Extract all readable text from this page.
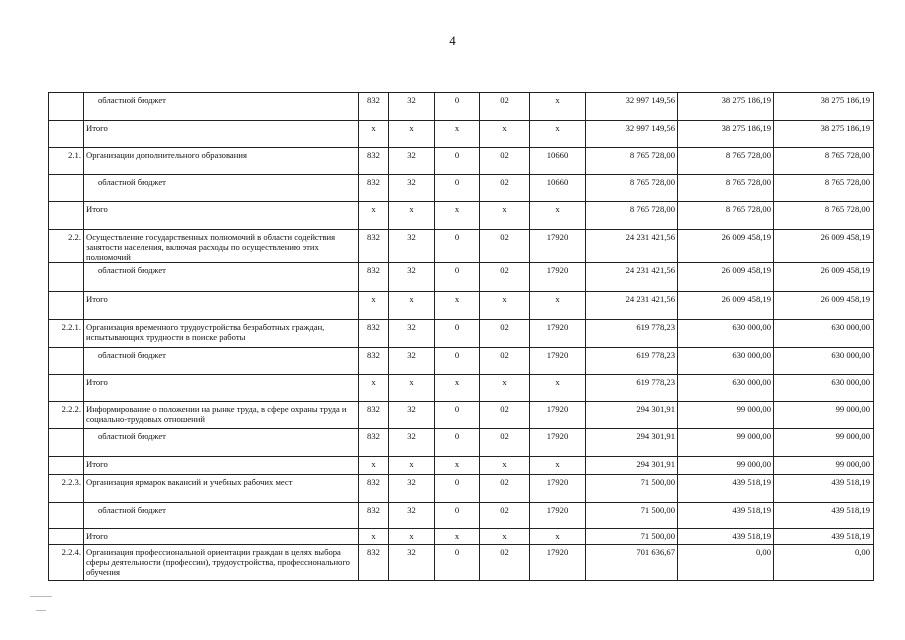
4
	областной бюджет	832	32	0	02	x	32 997 149,56	38 275 186,19	38 275 186,19
	Итого	x	x	x	x	x	32 997 149,56	38 275 186,19	38 275 186,19
2.1.	Организации дополнительного образования	832	32	0	02	10660	8 765 728,00	8 765 728,00	8 765 728,00
	областной бюджет	832	32	0	02	10660	8 765 728,00	8 765 728,00	8 765 728,00
	Итого	x	x	x	x	x	8 765 728,00	8 765 728,00	8 765 728,00
2.2.	Осуществление государственных полномочий в области содействия занятости населения, включая расходы по осуществлению этих полномочий	832	32	0	02	17920	24 231 421,56	26 009 458,19	26 009 458,19
	областной бюджет	832	32	0	02	17920	24 231 421,56	26 009 458,19	26 009 458,19
	Итого	x	x	x	x	x	24 231 421,56	26 009 458,19	26 009 458,19
2.2.1.	Организация временного трудоустройства безработных граждан, испытывающих трудности в поиске работы	832	32	0	02	17920	619 778,23	630 000,00	630 000,00
	областной бюджет	832	32	0	02	17920	619 778,23	630 000,00	630 000,00
	Итого	x	x	x	x	x	619 778,23	630 000,00	630 000,00
2.2.2.	Информирование о положении на рынке труда, в сфере охраны труда и социально-трудовых отношений	832	32	0	02	17920	294 301,91	99 000,00	99 000,00
	областной бюджет	832	32	0	02	17920	294 301,91	99 000,00	99 000,00
	Итого	x	x	x	x	x	294 301,91	99 000,00	99 000,00
2.2.3.	Организация ярмарок вакансий и учебных рабочих мест	832	32	0	02	17920	71 500,00	439 518,19	439 518,19
	областной бюджет	832	32	0	02	17920	71 500,00	439 518,19	439 518,19
	Итого	x	x	x	x	x	71 500,00	439 518,19	439 518,19
2.2.4.	Организация профессиональной ориентации граждан в целях выбора сферы деятельности (профессии), трудоустройства, профессионального обучения	832	32	0	02	17920	701 636,67	0,00	0,00
